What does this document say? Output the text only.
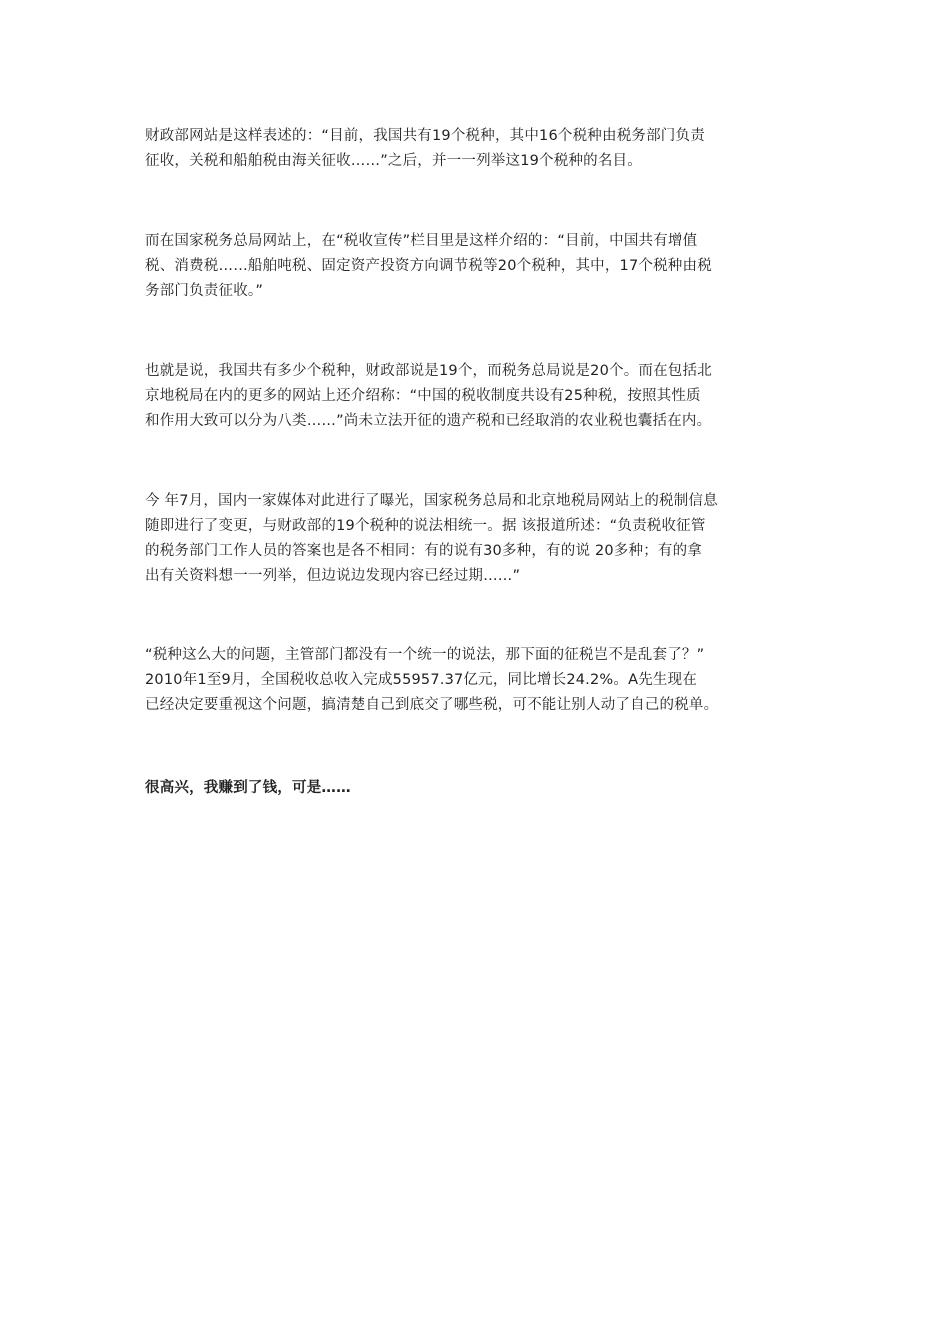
财政部网站是这样表述的：“目前，我国共有19个税种，其中16个税种由税务部门负责
征收，关税和船舶税由海关征收……”之后，并一一列举这19个税种的名目。

而在国家税务总局网站上，在“税收宣传”栏目里是这样介绍的：“目前，中国共有增值
税、消费税……船舶吨税、固定资产投资方向调节税等20个税种，其中，17个税种由税
务部门负责征收。”

也就是说，我国共有多少个税种，财政部说是19个，而税务总局说是20个。而在包括北
京地税局在内的更多的网站上还介绍称：“中国的税收制度共设有25种税，按照其性质
和作用大致可以分为八类……”尚未立法开征的遗产税和已经取消的农业税也囊括在内。

今 年7月，国内一家媒体对此进行了曝光，国家税务总局和北京地税局网站上的税制信息
随即进行了变更，与财政部的19个税种的说法相统一。据 该报道所述：“负责税收征管
的税务部门工作人员的答案也是各不相同：有的说有30多种，有的说 20多种；有的拿
出有关资料想一一列举，但边说边发现内容已经过期……”

“税种这么大的问题，主管部门都没有一个统一的说法，那下面的征税岂不是乱套了？”
2010年1至9月，全国税收总收入完成55957.37亿元，同比增长24.2%。A先生现在
已经决定要重视这个问题，搞清楚自己到底交了哪些税，可不能让别人动了自己的税单。

很高兴，我赚到了钱，可是……
